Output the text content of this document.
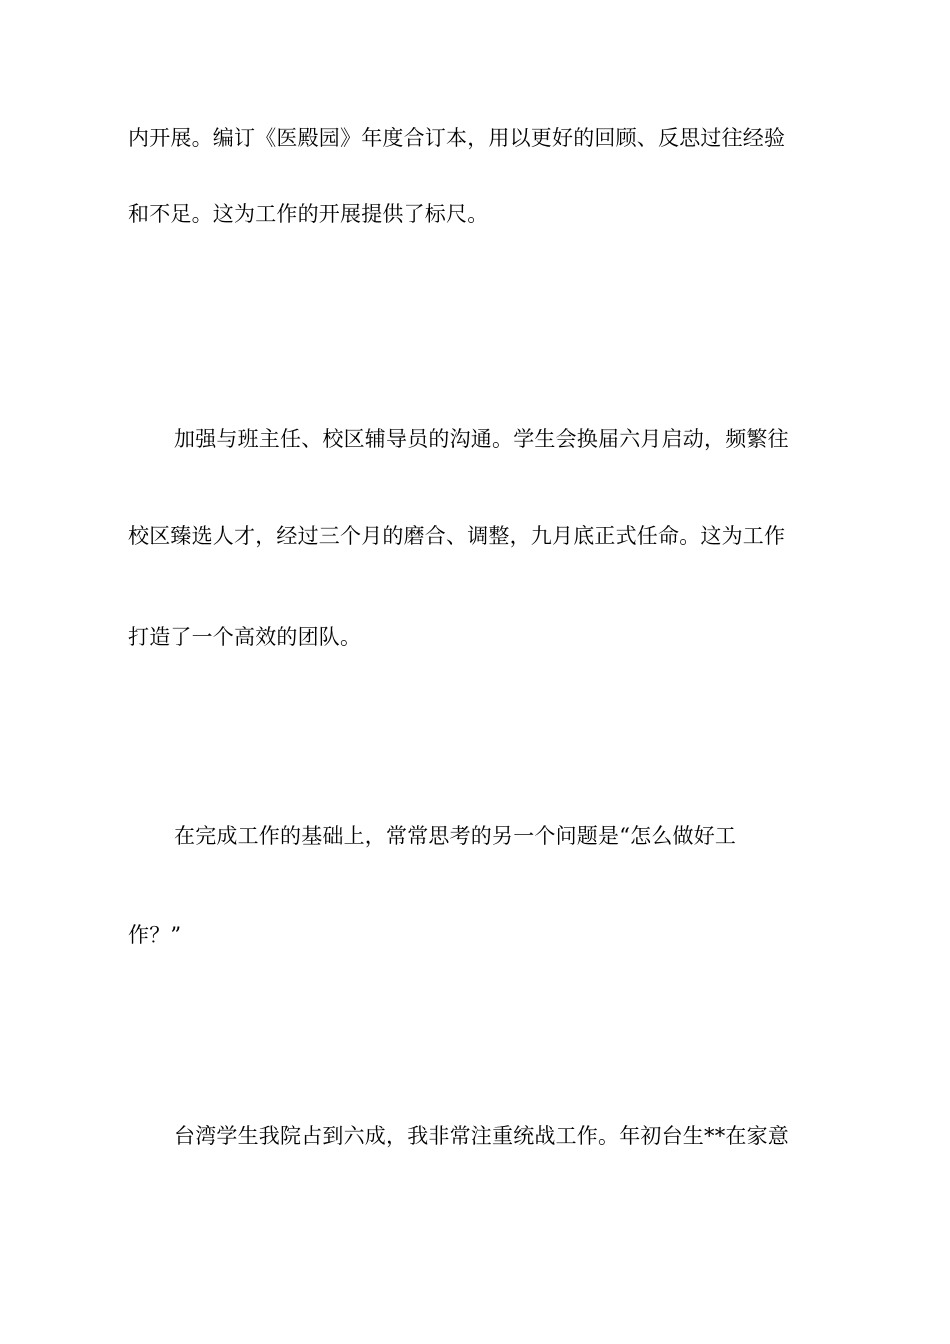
内开展。编订《医殿园》年度合订本，用以更好的回顾、反思过往经验
和不足。这为工作的开展提供了标尺。
加强与班主任、校区辅导员的沟通。学生会换届六月启动，频繁往
校区臻选人才，经过三个月的磨合、调整，九月底正式任命。这为工作
打造了一个高效的团队。
在完成工作的基础上，常常思考的另一个问题是“怎么做好工
作？”
台湾学生我院占到六成，我非常注重统战工作。年初台生**在家意
